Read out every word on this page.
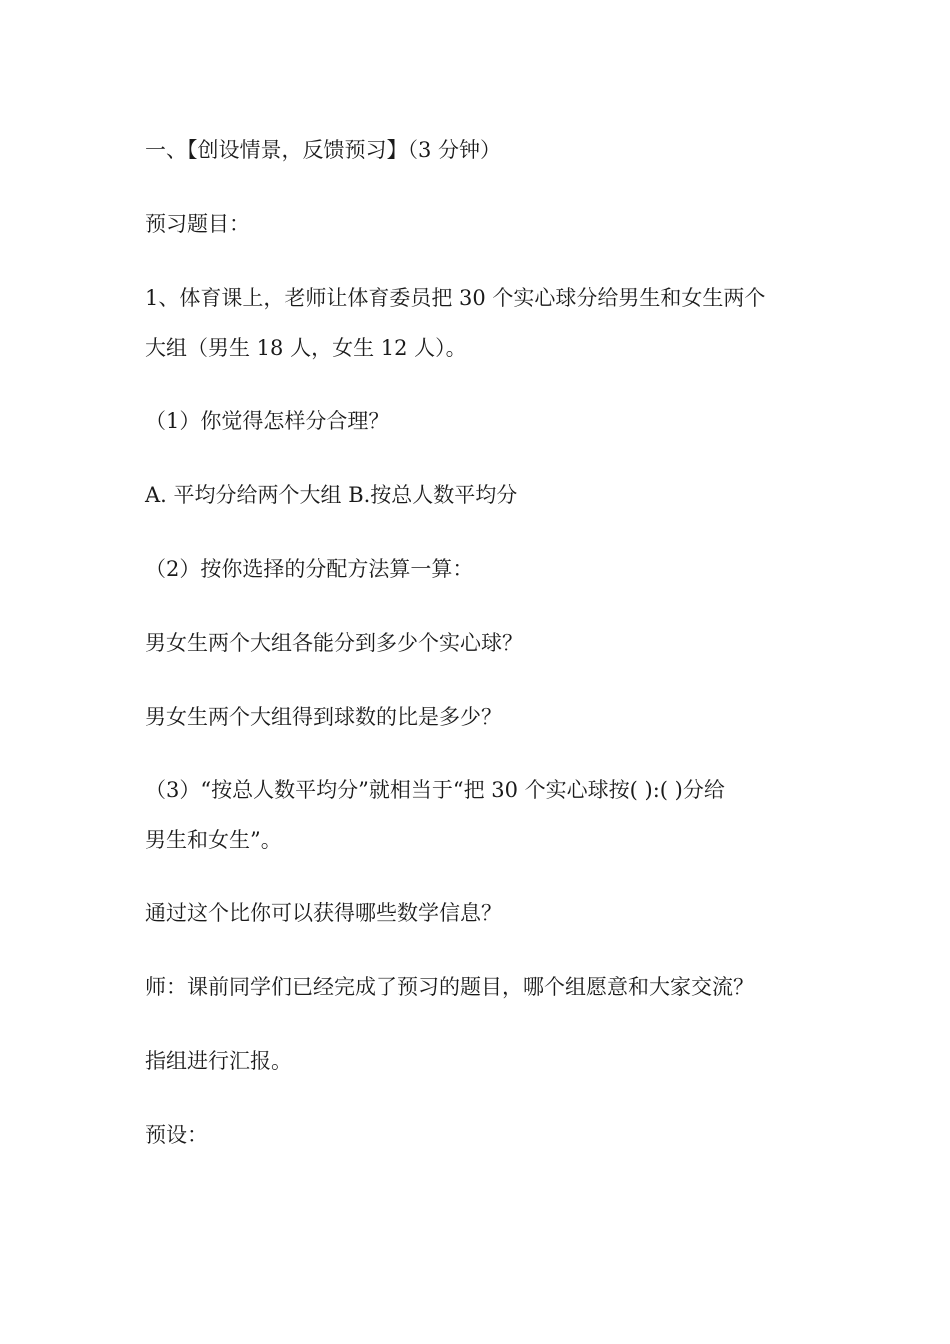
一、【创设情景，反馈预习】（3 分钟）
预习题目：
1、体育课上，老师让体育委员把 30 个实心球分给男生和女生两个
大组（男生 18 人，女生 12 人）。
（1）你觉得怎样分合理？
A. 平均分给两个大组 B.按总人数平均分
（2）按你选择的分配方法算一算：
男女生两个大组各能分到多少个实心球？
男女生两个大组得到球数的比是多少？
（3）“按总人数平均分”就相当于“把 30 个实心球按( ):( )分给
男生和女生”。
通过这个比你可以获得哪些数学信息？
师：课前同学们已经完成了预习的题目，哪个组愿意和大家交流？
指组进行汇报。
预设：
